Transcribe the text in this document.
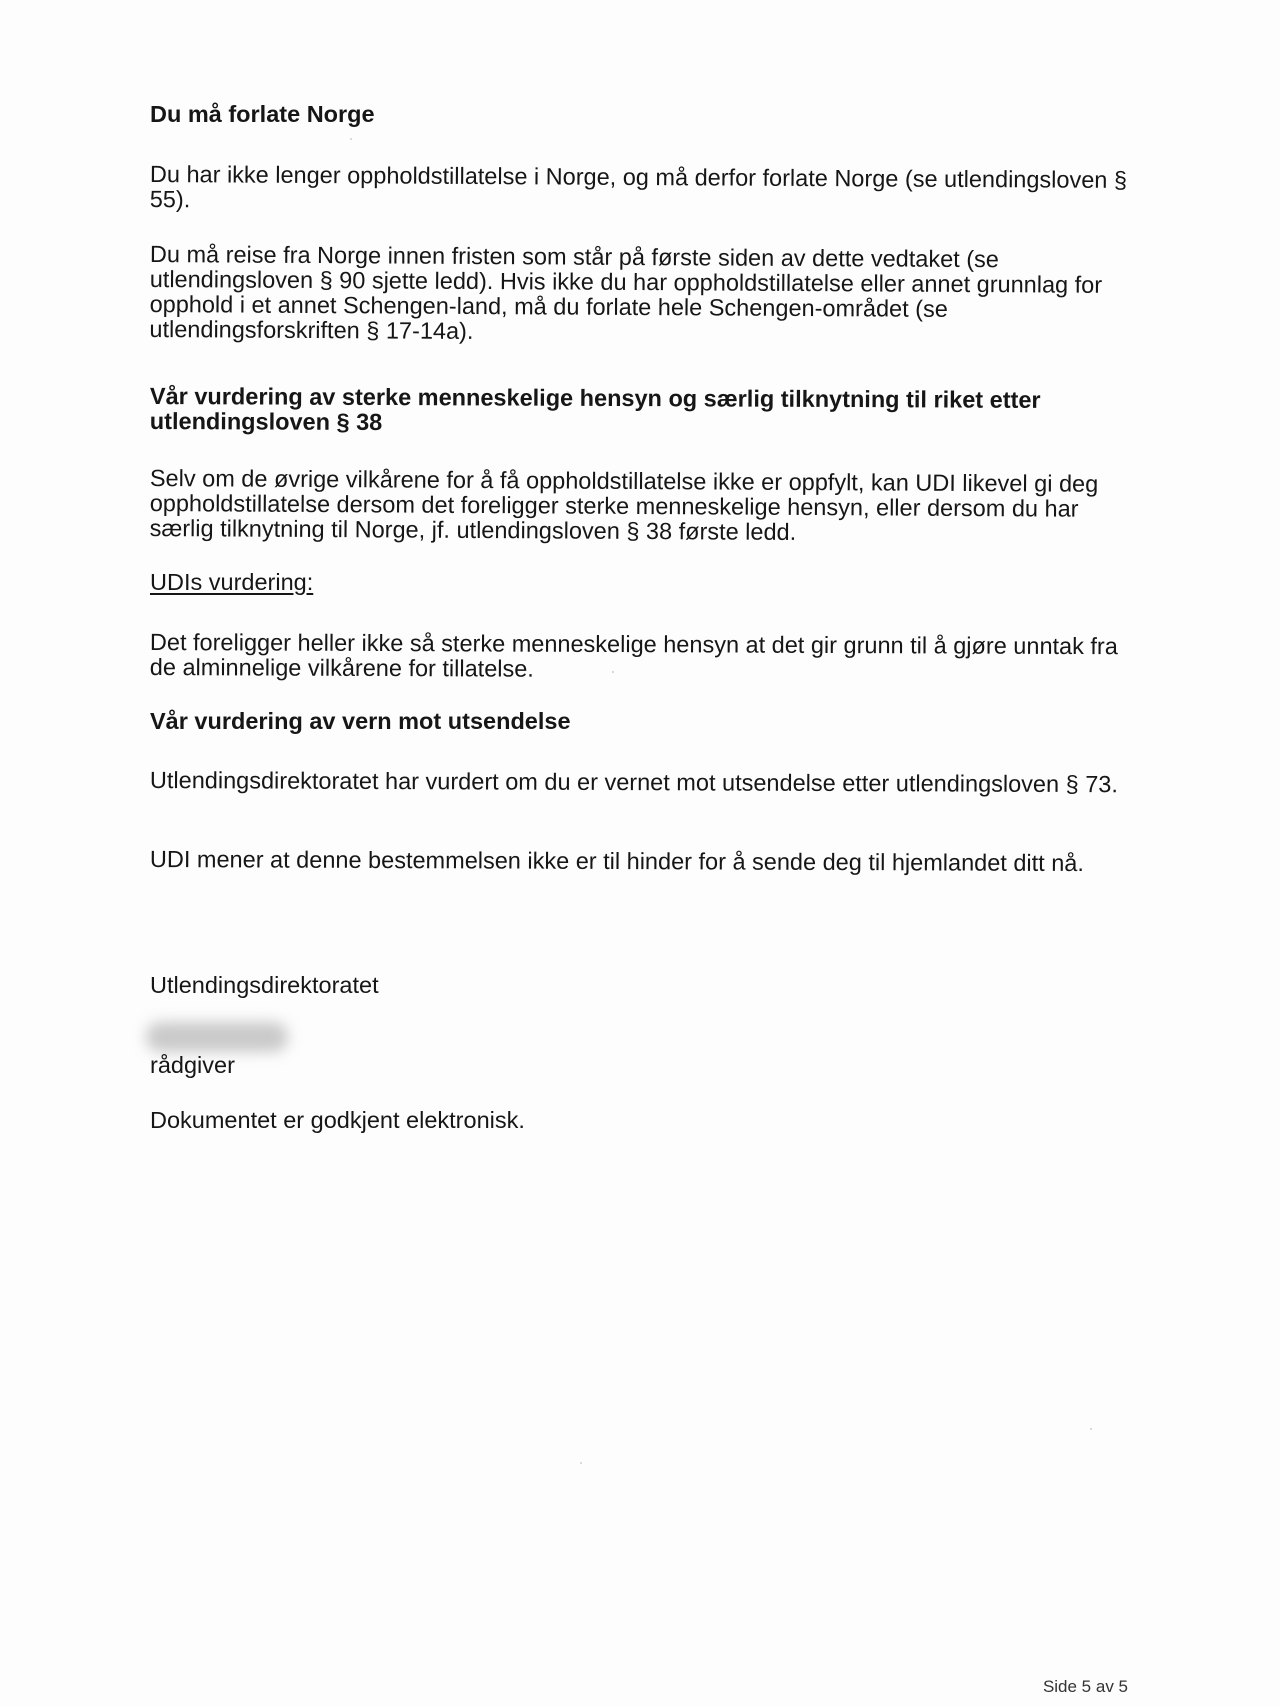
Du må forlate Norge
Du har ikke lenger oppholdstillatelse i Norge, og må derfor forlate Norge (se utlendingsloven § 55).
Du må reise fra Norge innen fristen som står på første siden av dette vedtaket (se utlendingsloven § 90 sjette ledd). Hvis ikke du har oppholdstillatelse eller annet grunnlag for opphold i et annet Schengen-land, må du forlate hele Schengen-området (se utlendingsforskriften § 17-14a).
Vår vurdering av sterke menneskelige hensyn og særlig tilknytning til riket etter utlendingsloven § 38
Selv om de øvrige vilkårene for å få oppholdstillatelse ikke er oppfylt, kan UDI likevel gi deg oppholdstillatelse dersom det foreligger sterke menneskelige hensyn, eller dersom du har særlig tilknytning til Norge, jf. utlendingsloven § 38 første ledd.
UDIs vurdering:
Det foreligger heller ikke så sterke menneskelige hensyn at det gir grunn til å gjøre unntak fra de alminnelige vilkårene for tillatelse.
Vår vurdering av vern mot utsendelse
Utlendingsdirektoratet har vurdert om du er vernet mot utsendelse etter utlendingsloven § 73.
UDI mener at denne bestemmelsen ikke er til hinder for å sende deg til hjemlandet ditt nå.
Utlendingsdirektoratet
rådgiver
Dokumentet er godkjent elektronisk.
Side 5 av 5
